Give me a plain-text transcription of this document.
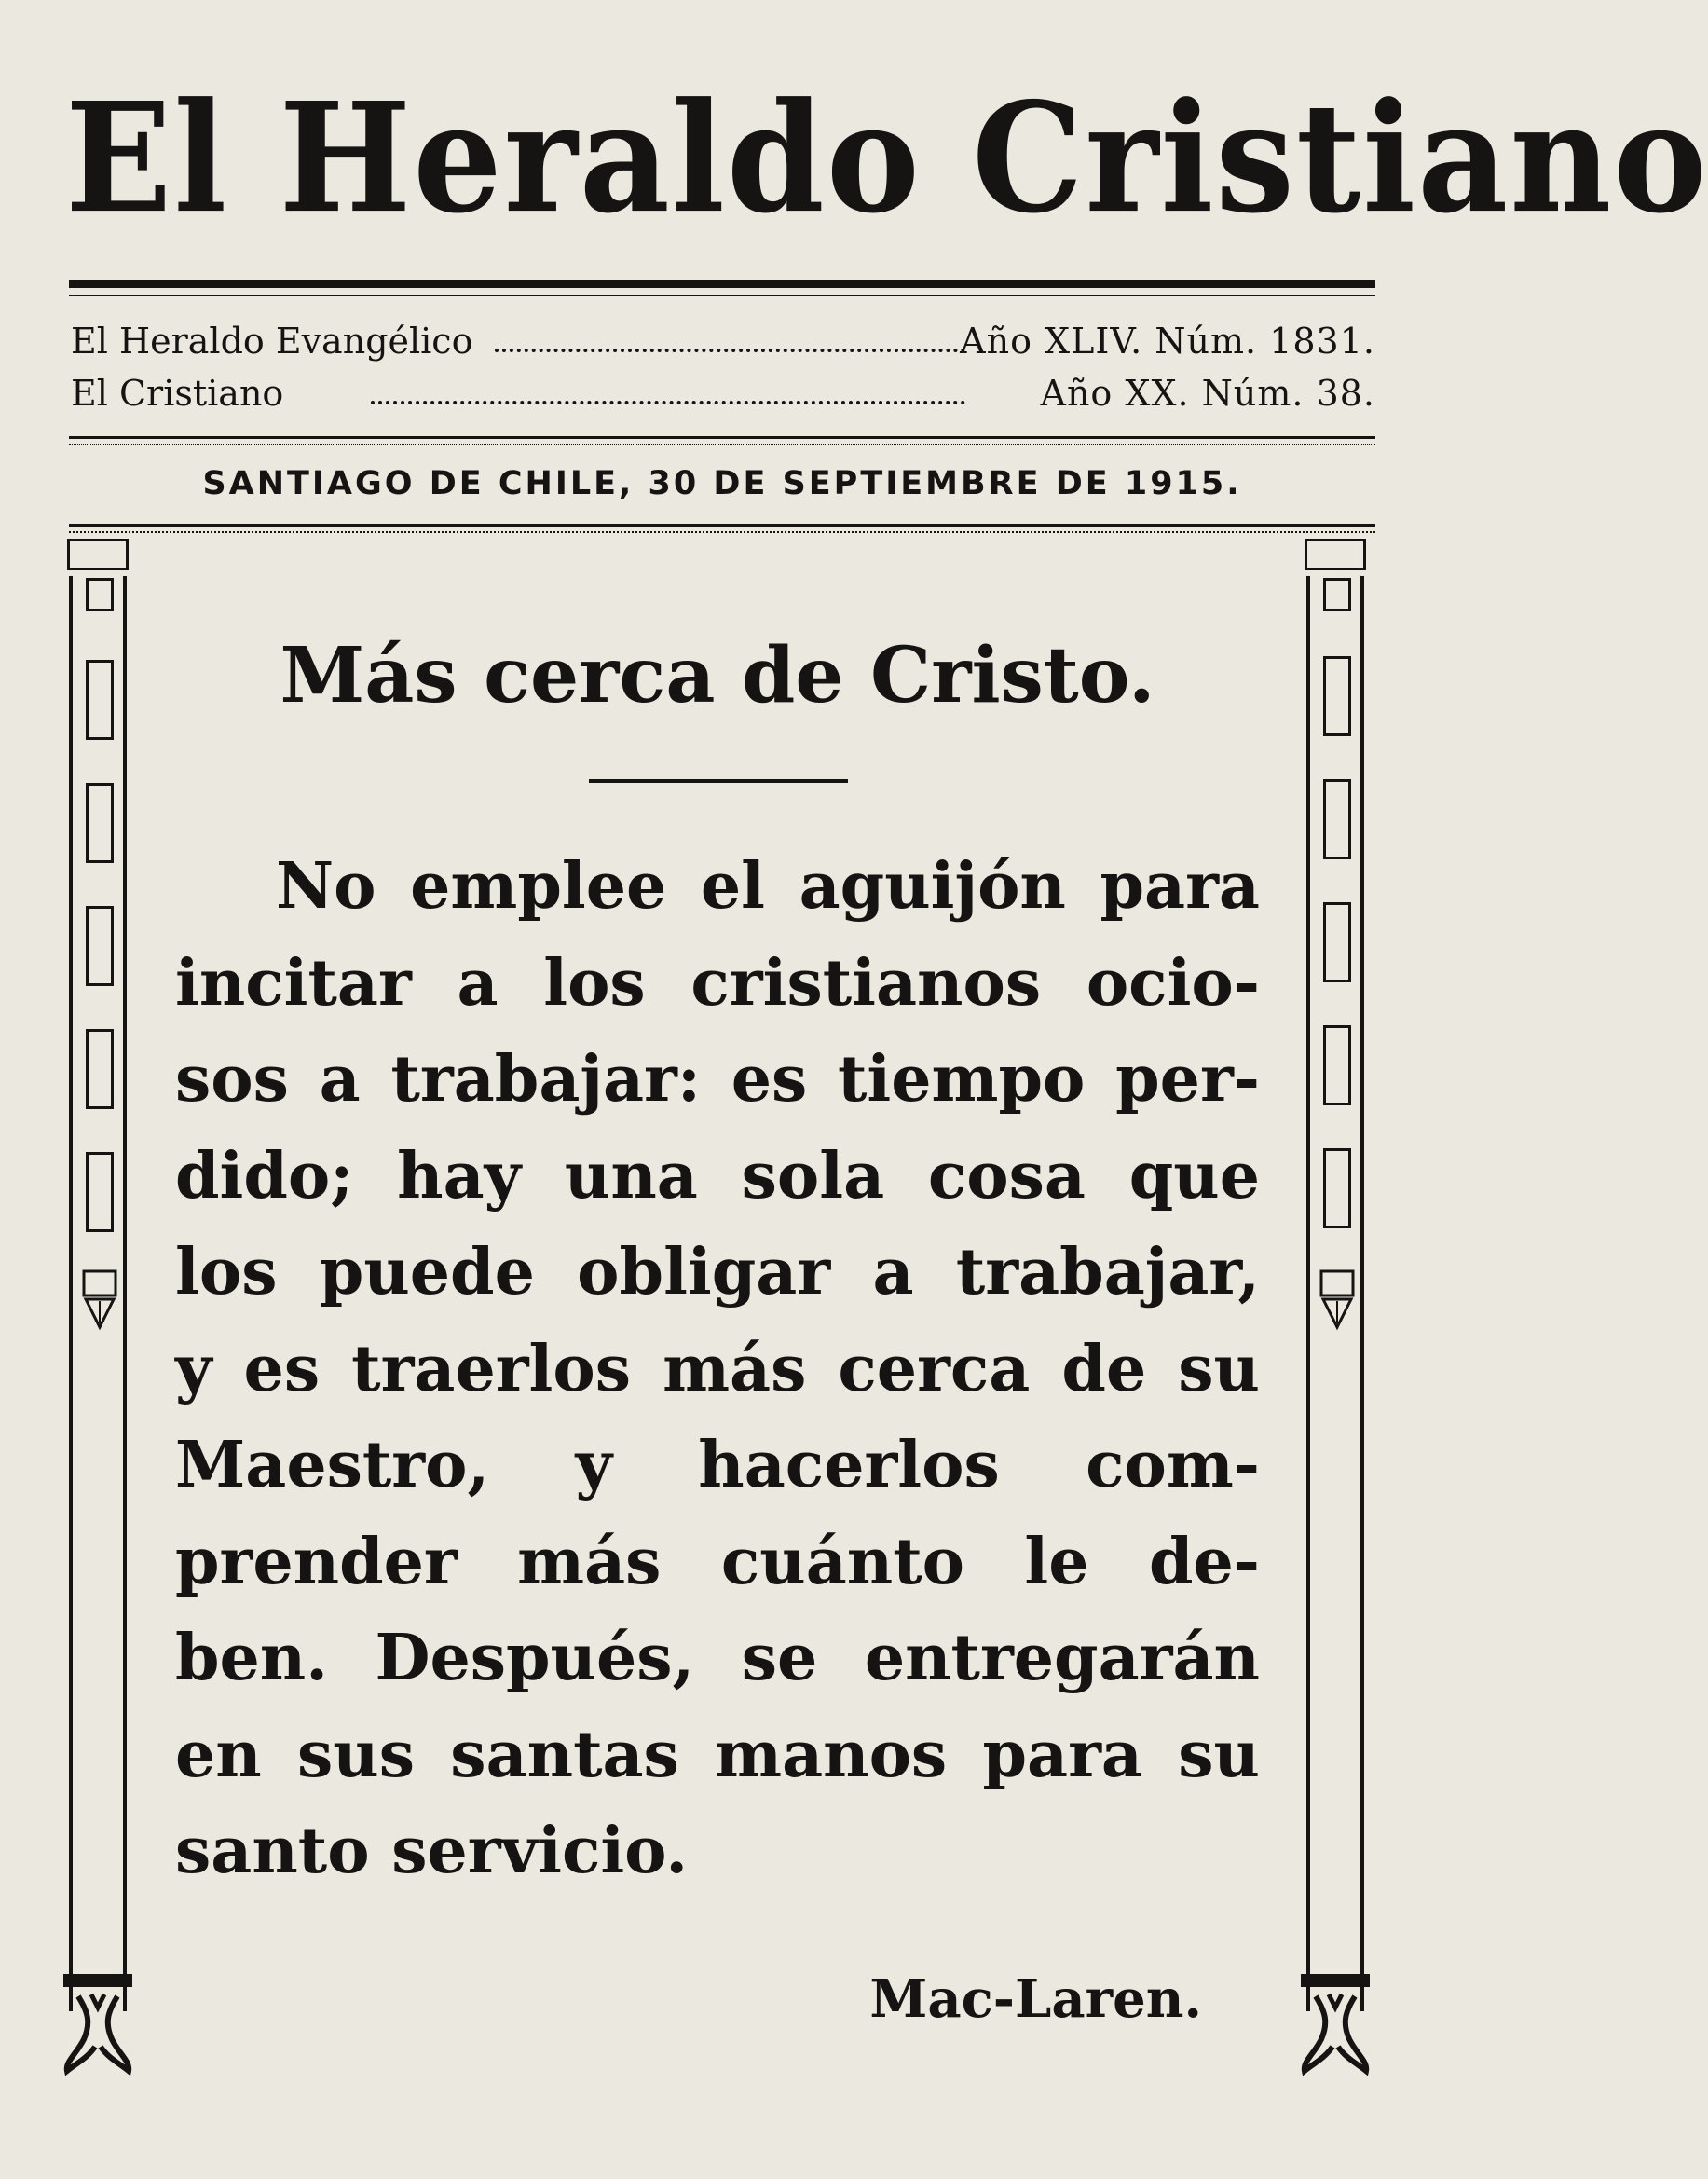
El Heraldo Cristiano
El Heraldo Evangélico	Año XLIV. Núm. 1831.
El Cristiano	Año XX. Núm. 38.
SANTIAGO DE CHILE, 30 DE SEPTIEMBRE DE 1915.
Más cerca de Cristo.
No emplee el aguijón para
incitar a los cristianos ocio-
sos a trabajar: es tiempo per-
dido; hay una sola cosa que
los puede obligar a trabajar,
y es traerlos más cerca de su
Maestro, y hacerlos com-
prender más cuánto le de-
ben. Después, se entregarán
en sus santas manos para su
santo servicio.
Mac-Laren.
